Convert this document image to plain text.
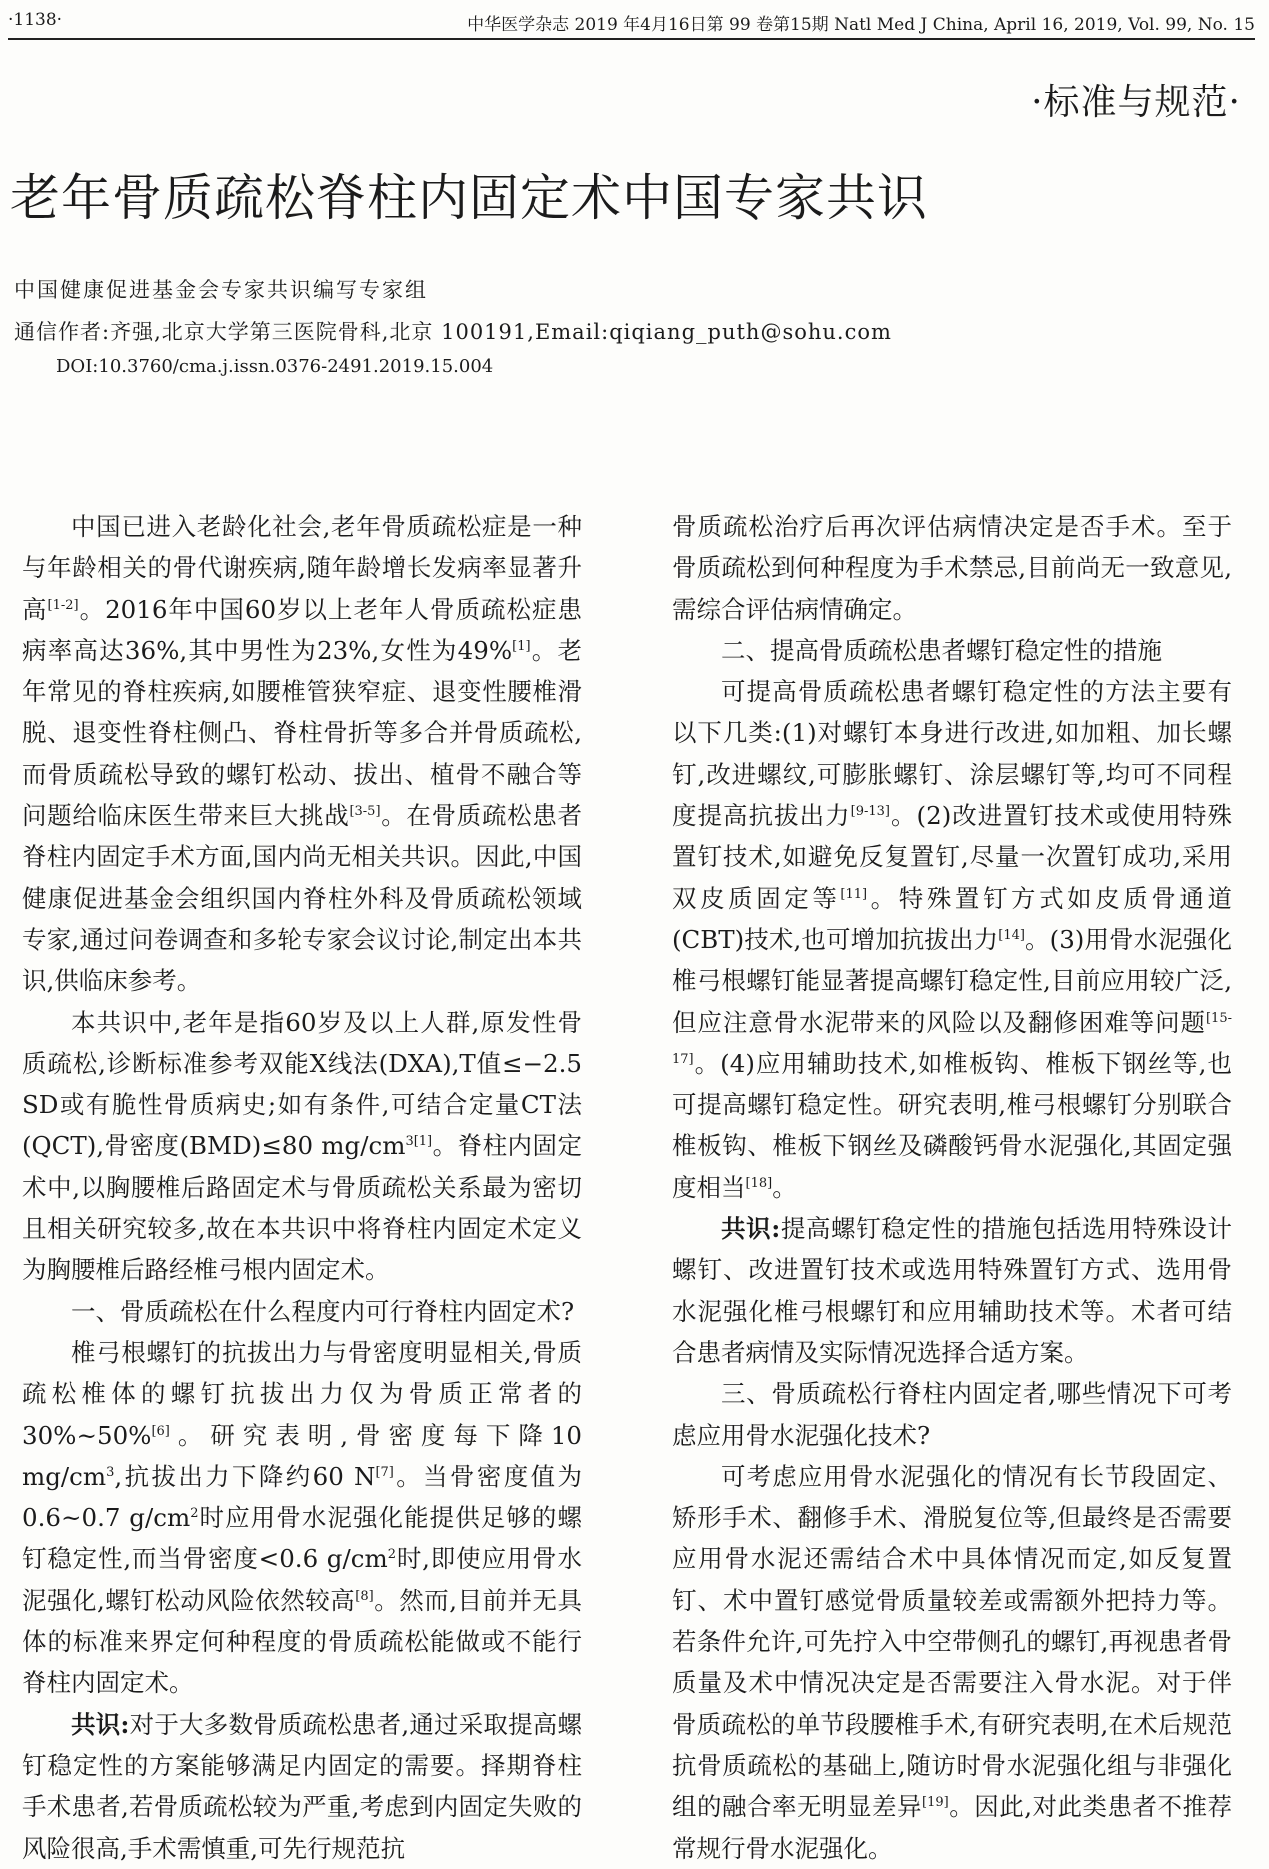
·1138·	中华医学杂志 2019 年4月16日第 99 卷第15期 Natl Med J China, April 16, 2019, Vol. 99, No. 15
·标准与规范·
老年骨质疏松脊柱内固定术中国专家共识
中国健康促进基金会专家共识编写专家组
通信作者:齐强,北京大学第三医院骨科,北京 100191,Email:qiqiang_puth@sohu.com
DOI:10.3760/cma.j.issn.0376-2491.2019.15.004

中国已进入老龄化社会,老年骨质疏松症是一种与年龄相关的骨代谢疾病,随年龄增长发病率显著升高[1-2]。2016年中国60岁以上老年人骨质疏松症患病率高达36%,其中男性为23%,女性为49%[1]。老年常见的脊柱疾病,如腰椎管狭窄症、退变性腰椎滑脱、退变性脊柱侧凸、脊柱骨折等多合并骨质疏松,而骨质疏松导致的螺钉松动、拔出、植骨不融合等问题给临床医生带来巨大挑战[3-5]。在骨质疏松患者脊柱内固定手术方面,国内尚无相关共识。因此,中国健康促进基金会组织国内脊柱外科及骨质疏松领域专家,通过问卷调查和多轮专家会议讨论,制定出本共识,供临床参考。

本共识中,老年是指60岁及以上人群,原发性骨质疏松,诊断标准参考双能X线法(DXA),T值≤−2.5 SD或有脆性骨质病史;如有条件,可结合定量CT法(QCT),骨密度(BMD)≤80 $mg/cm^{3[1]}$。脊柱内固定术中,以胸腰椎后路固定术与骨质疏松关系最为密切且相关研究较多,故在本共识中将脊柱内固定术定义为胸腰椎后路经椎弓根内固定术。

一、骨质疏松在什么程度内可行脊柱内固定术?

椎弓根螺钉的抗拔出力与骨密度明显相关,骨质疏松椎体的螺钉抗拔出力仅为骨质正常者的30%~50%[6]。研究表明,骨密度每下降10 $mg/cm^3$,抗拔出力下降约60 N[7]。当骨密度值为0.6~0.7 $g/cm^2$时应用骨水泥强化能提供足够的螺钉稳定性,而当骨密度<0.6 $g/cm^2$时,即使应用骨水泥强化,螺钉松动风险依然较高[8]。然而,目前并无具体的标准来界定何种程度的骨质疏松能做或不能行脊柱内固定术。

共识:对于大多数骨质疏松患者,通过采取提高螺钉稳定性的方案能够满足内固定的需要。择期脊柱手术患者,若骨质疏松较为严重,考虑到内固定失败的风险很高,手术需慎重,可先行规范抗

骨质疏松治疗后再次评估病情决定是否手术。至于骨质疏松到何种程度为手术禁忌,目前尚无一致意见,需综合评估病情确定。

二、提高骨质疏松患者螺钉稳定性的措施

可提高骨质疏松患者螺钉稳定性的方法主要有以下几类:(1)对螺钉本身进行改进,如加粗、加长螺钉,改进螺纹,可膨胀螺钉、涂层螺钉等,均可不同程度提高抗拔出力[9-13]。(2)改进置钉技术或使用特殊置钉技术,如避免反复置钉,尽量一次置钉成功,采用双皮质固定等[11]。特殊置钉方式如皮质骨通道(CBT)技术,也可增加抗拔出力[14]。(3)用骨水泥强化椎弓根螺钉能显著提高螺钉稳定性,目前应用较广泛,但应注意骨水泥带来的风险以及翻修困难等问题[15-17]。(4)应用辅助技术,如椎板钩、椎板下钢丝等,也可提高螺钉稳定性。研究表明,椎弓根螺钉分别联合椎板钩、椎板下钢丝及磷酸钙骨水泥强化,其固定强度相当[18]。

共识:提高螺钉稳定性的措施包括选用特殊设计螺钉、改进置钉技术或选用特殊置钉方式、选用骨水泥强化椎弓根螺钉和应用辅助技术等。术者可结合患者病情及实际情况选择合适方案。

三、骨质疏松行脊柱内固定者,哪些情况下可考虑应用骨水泥强化技术?

可考虑应用骨水泥强化的情况有长节段固定、矫形手术、翻修手术、滑脱复位等,但最终是否需要应用骨水泥还需结合术中具体情况而定,如反复置钉、术中置钉感觉骨质量较差或需额外把持力等。若条件允许,可先拧入中空带侧孔的螺钉,再视患者骨质量及术中情况决定是否需要注入骨水泥。对于伴骨质疏松的单节段腰椎手术,有研究表明,在术后规范抗骨质疏松的基础上,随访时骨水泥强化组与非强化组的融合率无明显差异[19]。因此,对此类患者不推荐常规行骨水泥强化。
